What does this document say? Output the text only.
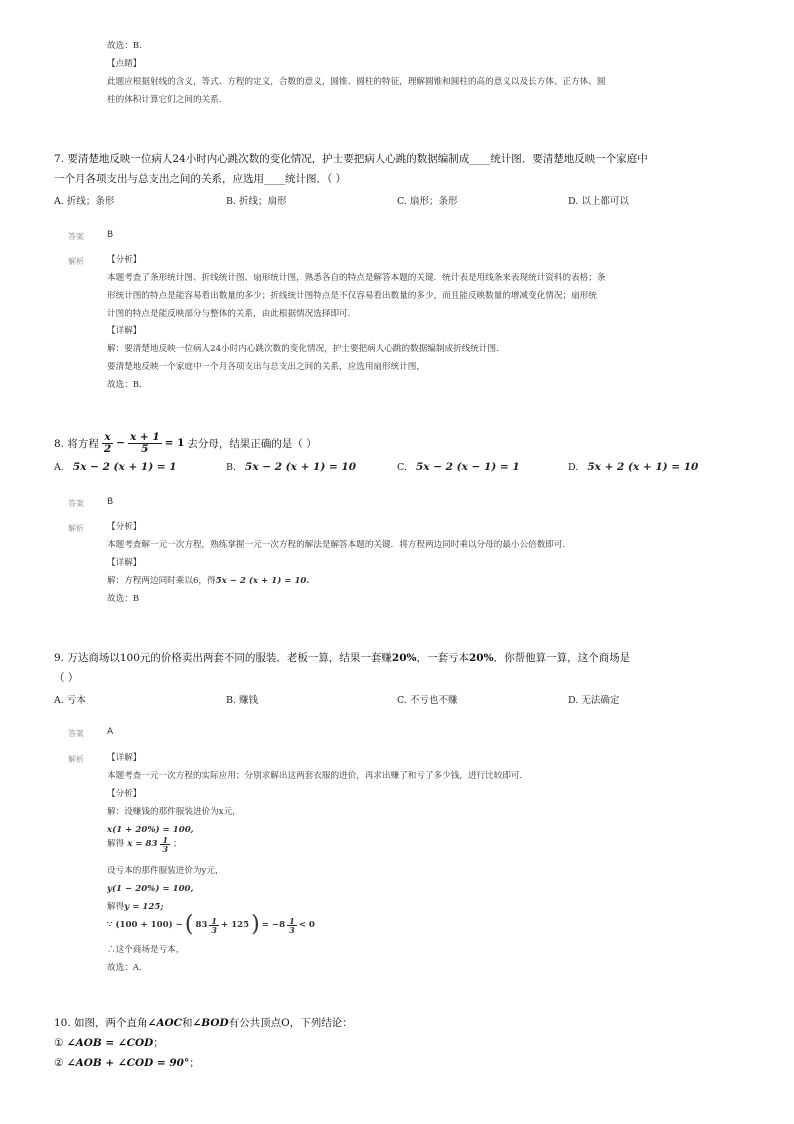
故选：B.
【点睛】
此题应根据射线的含义，等式、方程的定义，合数的意义，圆锥、圆柱的特征，理解圆锥和圆柱的高的意义以及长方体、正方体、圆
柱的体积计算它们之间的关系.
7. 要清楚地反映一位病人24小时内心跳次数的变化情况，护士要把病人心跳的数据编制成____统计图．要清楚地反映一个家庭中
一个月各项支出与总支出之间的关系，应选用____统计图．（ ）
A. 折线；条形	B. 折线；扇形	C. 扇形；条形	D. 以上都可以
答案	B
解析	【分析】
本题考查了条形统计图、折线统计图、扇形统计图，熟悉各自的特点是解答本题的关键．统计表是用线条来表现统计资料的表格；条
形统计图的特点是能容易看出数量的多少；折线统计图特点是不仅容易看出数量的多少，而且能反映数量的增减变化情况；扇形统
计图的特点是能反映部分与整体的关系，由此根据情况选择即可.
【详解】
解：要清楚地反映一位病人24小时内心跳次数的变化情况，护士要把病人心跳的数据编制成折线统计图．
要清楚地反映一个家庭中一个月各项支出与总支出之间的关系，应选用扇形统计图，
故选：B.
8. 将方程 $\frac{x}{2} - \frac{x + 1}{5} = 1$ 去分母，结果正确的是（ ）
A. 5x − 2 (x + 1) = 1	B. 5x − 2 (x + 1) = 10	C. 5x − 2 (x − 1) = 1	D. 5x + 2 (x + 1) = 10
答案	B
解析	【分析】
本题考查解一元一次方程，熟练掌握一元一次方程的解法是解答本题的关键．将方程两边同时乘以分母的最小公倍数即可．
【详解】
解：方程两边同时乘以6，得5x − 2 (x + 1) = 10.
故选：B
9. 万达商场以100元的价格卖出两套不同的服装．老板一算，结果一套赚20%，一套亏本20%．你帮他算一算，这个商场是
（ ）
A. 亏本	B. 赚钱	C. 不亏也不赚	D. 无法确定
答案	A
解析	【详解】
本题考查一元一次方程的实际应用；分别求解出这两套衣服的进价，再求出赚了和亏了多少钱，进行比较即可．
【分析】
解：设赚钱的那件服装进价为x元，
x(1 + 20%) = 100,
解得 $x = 83 \frac{1}{3}$ ；
设亏本的那件服装进价为y元，
y(1 − 20%) = 100,
解得y = 125;
∵ (100 + 100) − ( $83 \frac{1}{3} + 125$ ) = $-8 \frac{1}{3} < 0$
∴这个商场是亏本，
故选：A．
10. 如图，两个直角∠AOC和∠BOD有公共顶点O，下列结论：
① ∠AOB = ∠COD；
② ∠AOB + ∠COD = 90°；
